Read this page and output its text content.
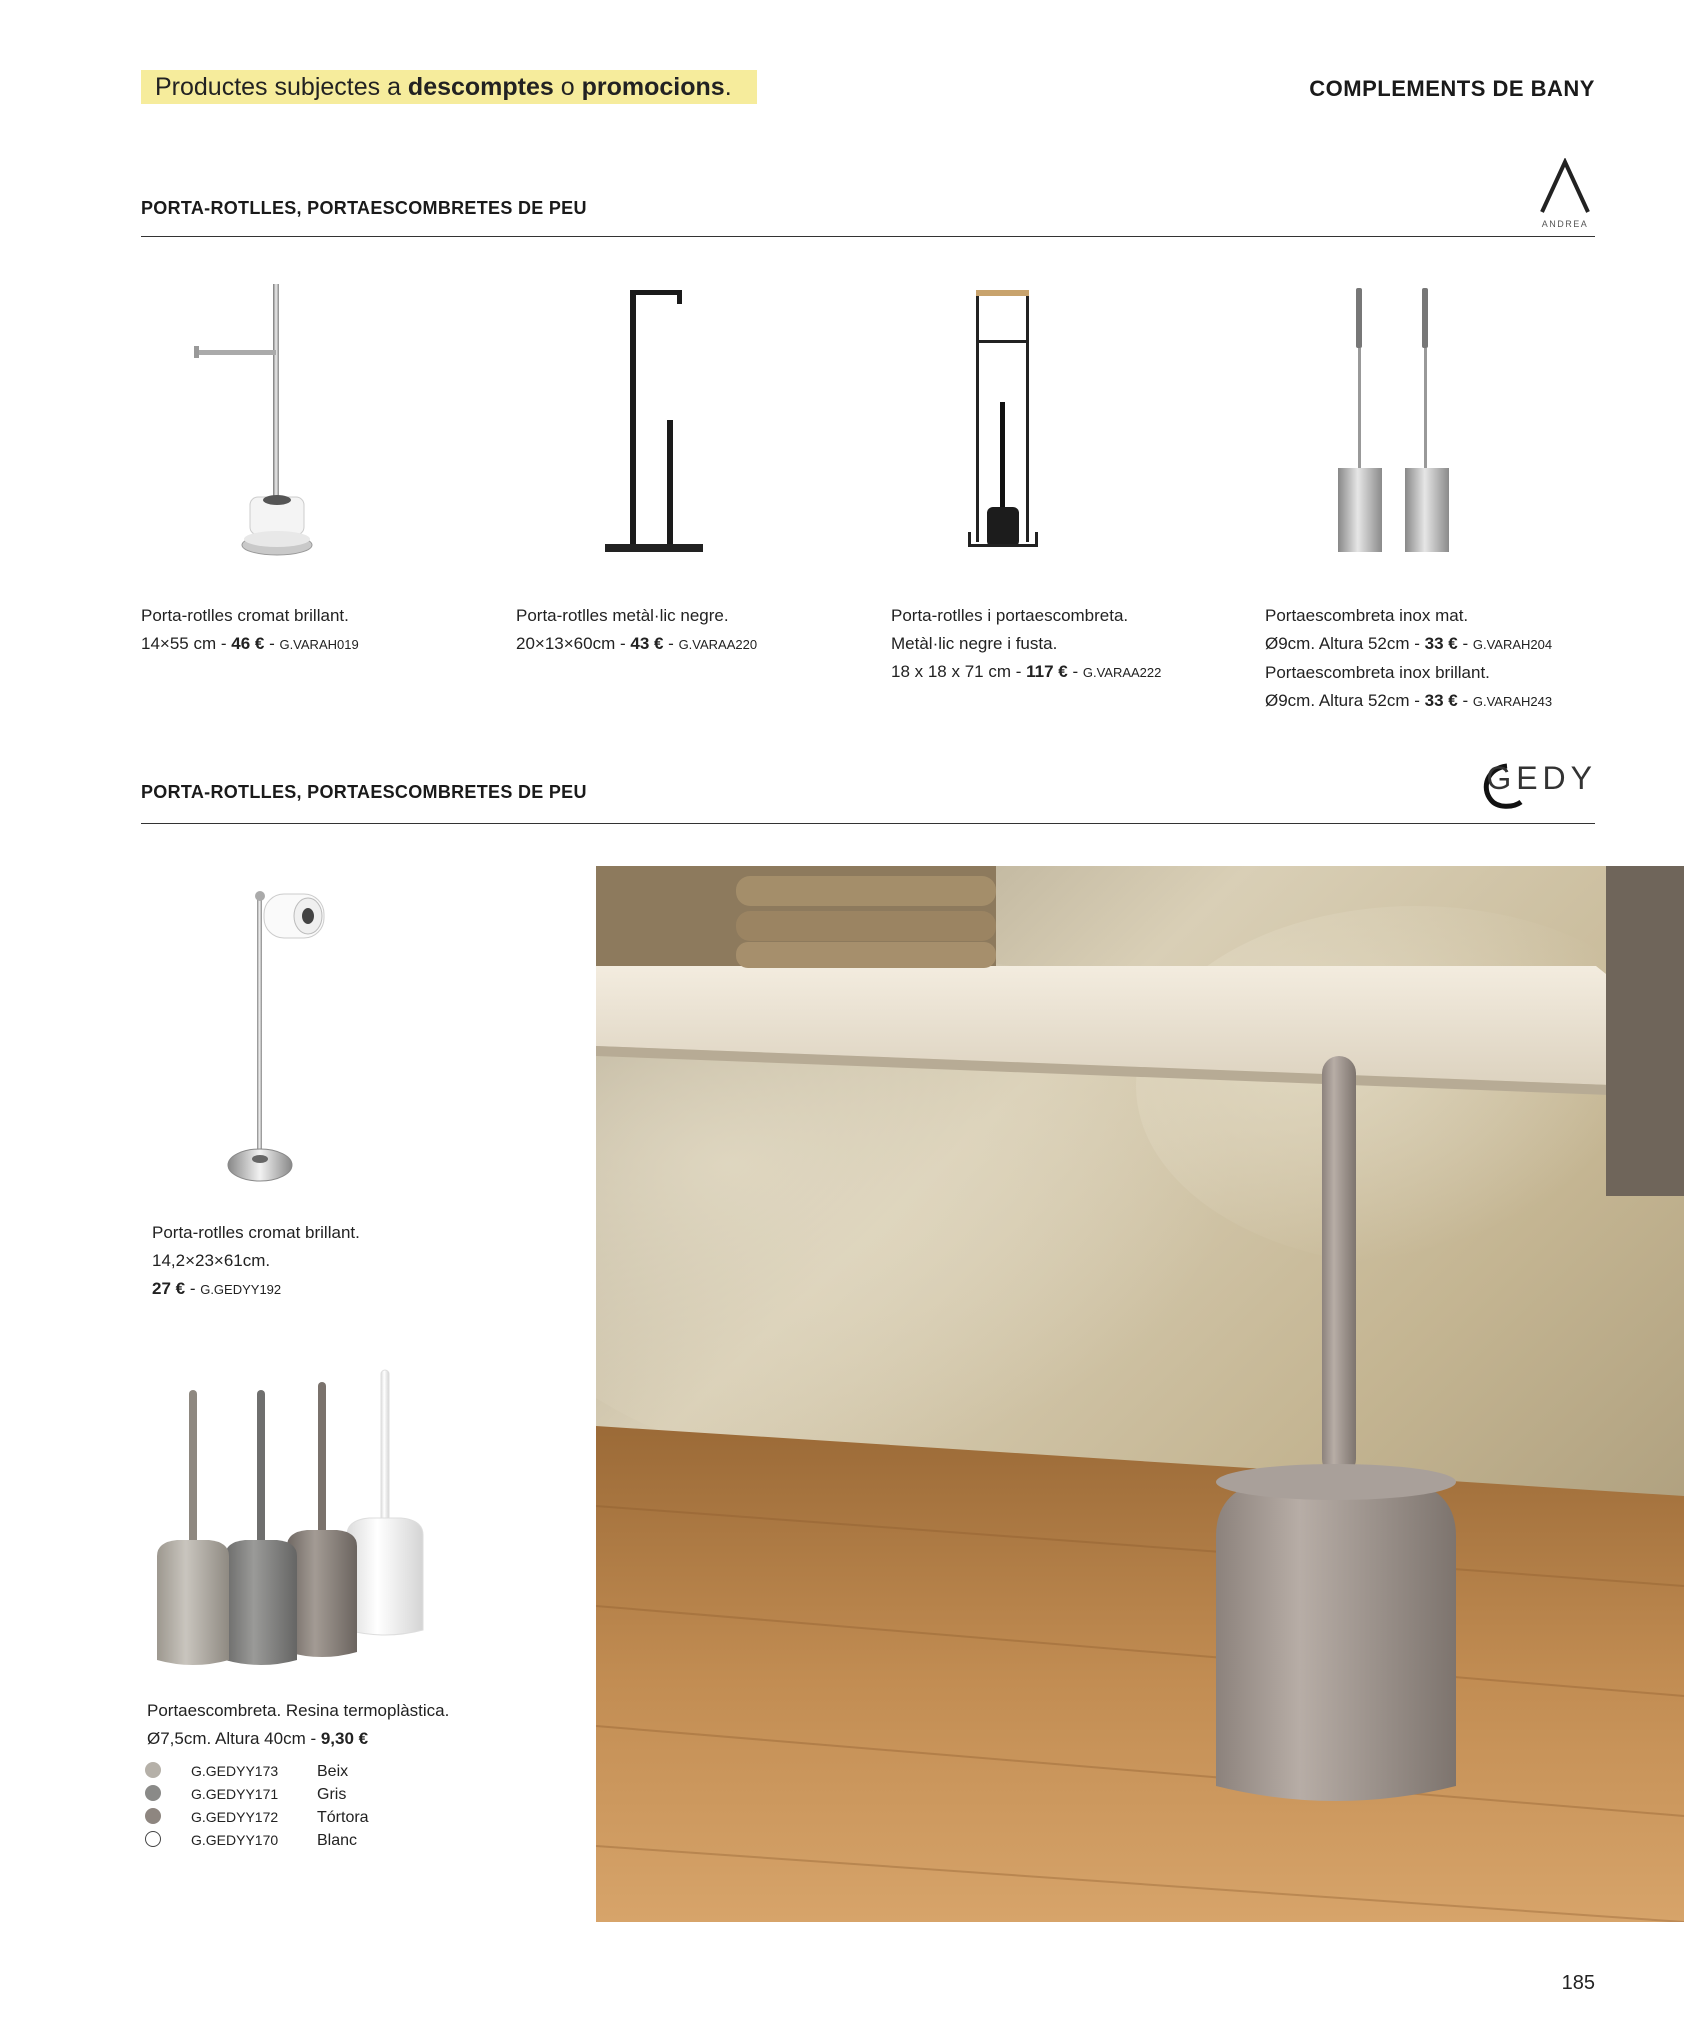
Productes subjectes a descomptes o promocions.	COMPLEMENTS DE BANY
PORTA-ROTLLES, PORTAESCOMBRETES DE PEU
ANDREA
Porta-rotlles cromat brillant.
14×55 cm - 46 € - G.VARAH019
Porta-rotlles metàl·lic negre.
20×13×60cm - 43 € - G.VARAA220
Porta-rotlles i portaescombreta.
Metàl·lic negre i fusta.
18 x 18 x 71 cm - 117 € - G.VARAA222
Portaescombreta inox mat.
Ø9cm. Altura 52cm - 33 € - G.VARAH204
Portaescombreta inox brillant.
Ø9cm. Altura 52cm - 33 € - G.VARAH243
PORTA-ROTLLES, PORTAESCOMBRETES DE PEU	GEDY
Porta-rotlles cromat brillant.
14,2×23×61cm.
27 € - G.GEDYY192
Portaescombreta. Resina termoplàstica.
Ø7,5cm. Altura 40cm - 9,30 €
G.GEDYY173 Beix
G.GEDYY171 Gris
G.GEDYY172 Tórtora
G.GEDYY170 Blanc
185
